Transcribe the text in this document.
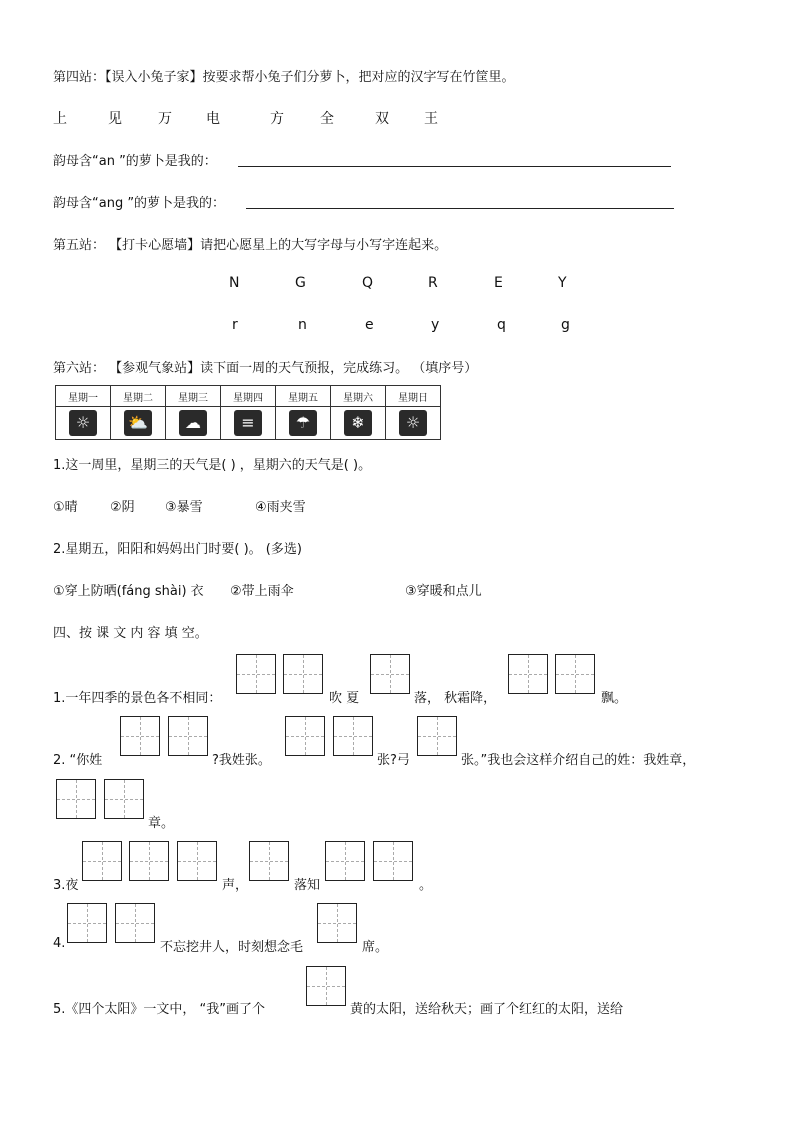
第四站：【误入小兔子家】按要求帮小兔子们分萝卜，把对应的汉字写在竹筐里。
上	见	万 电	方	全	双	王
韵母含“an ”的萝卜是我的：
韵母含“ang ”的萝卜是我的：
第五站： 【打卡心愿墙】请把心愿星上的大写字母与小写字连起来。
N	G	Q	R	E	Y
r	n	e	y	q	g
第六站： 【参观气象站】读下面一周的天气预报，完成练习。 （填序号）
星期一	星期二	星期三	星期四	星期五	星期六	星期日
☼	⛅	☁	≡	☂	❄	☼
1.这一周里，星期三的天气是( ) ，星期六的天气是( )。
①晴 ②阴 ③暴雪	④雨夹雪
2.星期五，阳阳和妈妈出门时要( )。 (多选)
①穿上防晒(fáng shài) 衣 ②带上雨伞	③穿暖和点儿
四、按 课 文 内 容 填 空。
1.一年四季的景色各不相同：	吹 夏	落， 秋霜降，	飘。
2. “你姓	?我姓张。	张?弓	张。”我也会这样介绍自己的姓：我姓章，
章。
3.夜	声，	落知	。
4.	不忘挖井人，时刻想念毛	席。
5.《四个太阳》一文中， “我”画了个	黄的太阳，送给秋天；画了个红红的太阳，送给
